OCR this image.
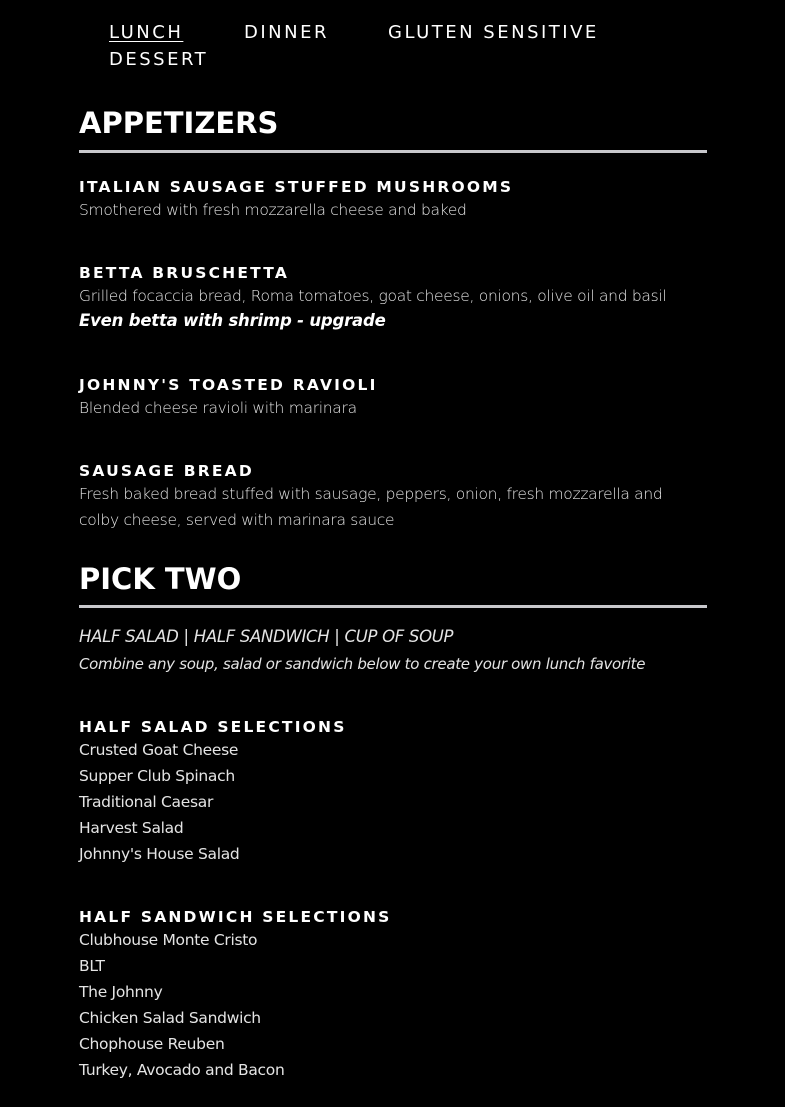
LUNCH	DINNER	GLUTEN SENSITIVE
DESSERT
APPETIZERS
ITALIAN SAUSAGE STUFFED MUSHROOMS
Smothered with fresh mozzarella cheese and baked
BETTA BRUSCHETTA
Grilled focaccia bread, Roma tomatoes, goat cheese, onions, olive oil and basil
Even betta with shrimp - upgrade
JOHNNY'S TOASTED RAVIOLI
Blended cheese ravioli with marinara
SAUSAGE BREAD
Fresh baked bread stuffed with sausage, peppers, onion, fresh mozzarella and colby cheese, served with marinara sauce
PICK TWO
HALF SALAD | HALF SANDWICH | CUP OF SOUP
Combine any soup, salad or sandwich below to create your own lunch favorite
HALF SALAD SELECTIONS
Crusted Goat Cheese
Supper Club Spinach
Traditional Caesar
Harvest Salad
Johnny's House Salad
HALF SANDWICH SELECTIONS
Clubhouse Monte Cristo
BLT
The Johnny
Chicken Salad Sandwich
Chophouse Reuben
Turkey, Avocado and Bacon
